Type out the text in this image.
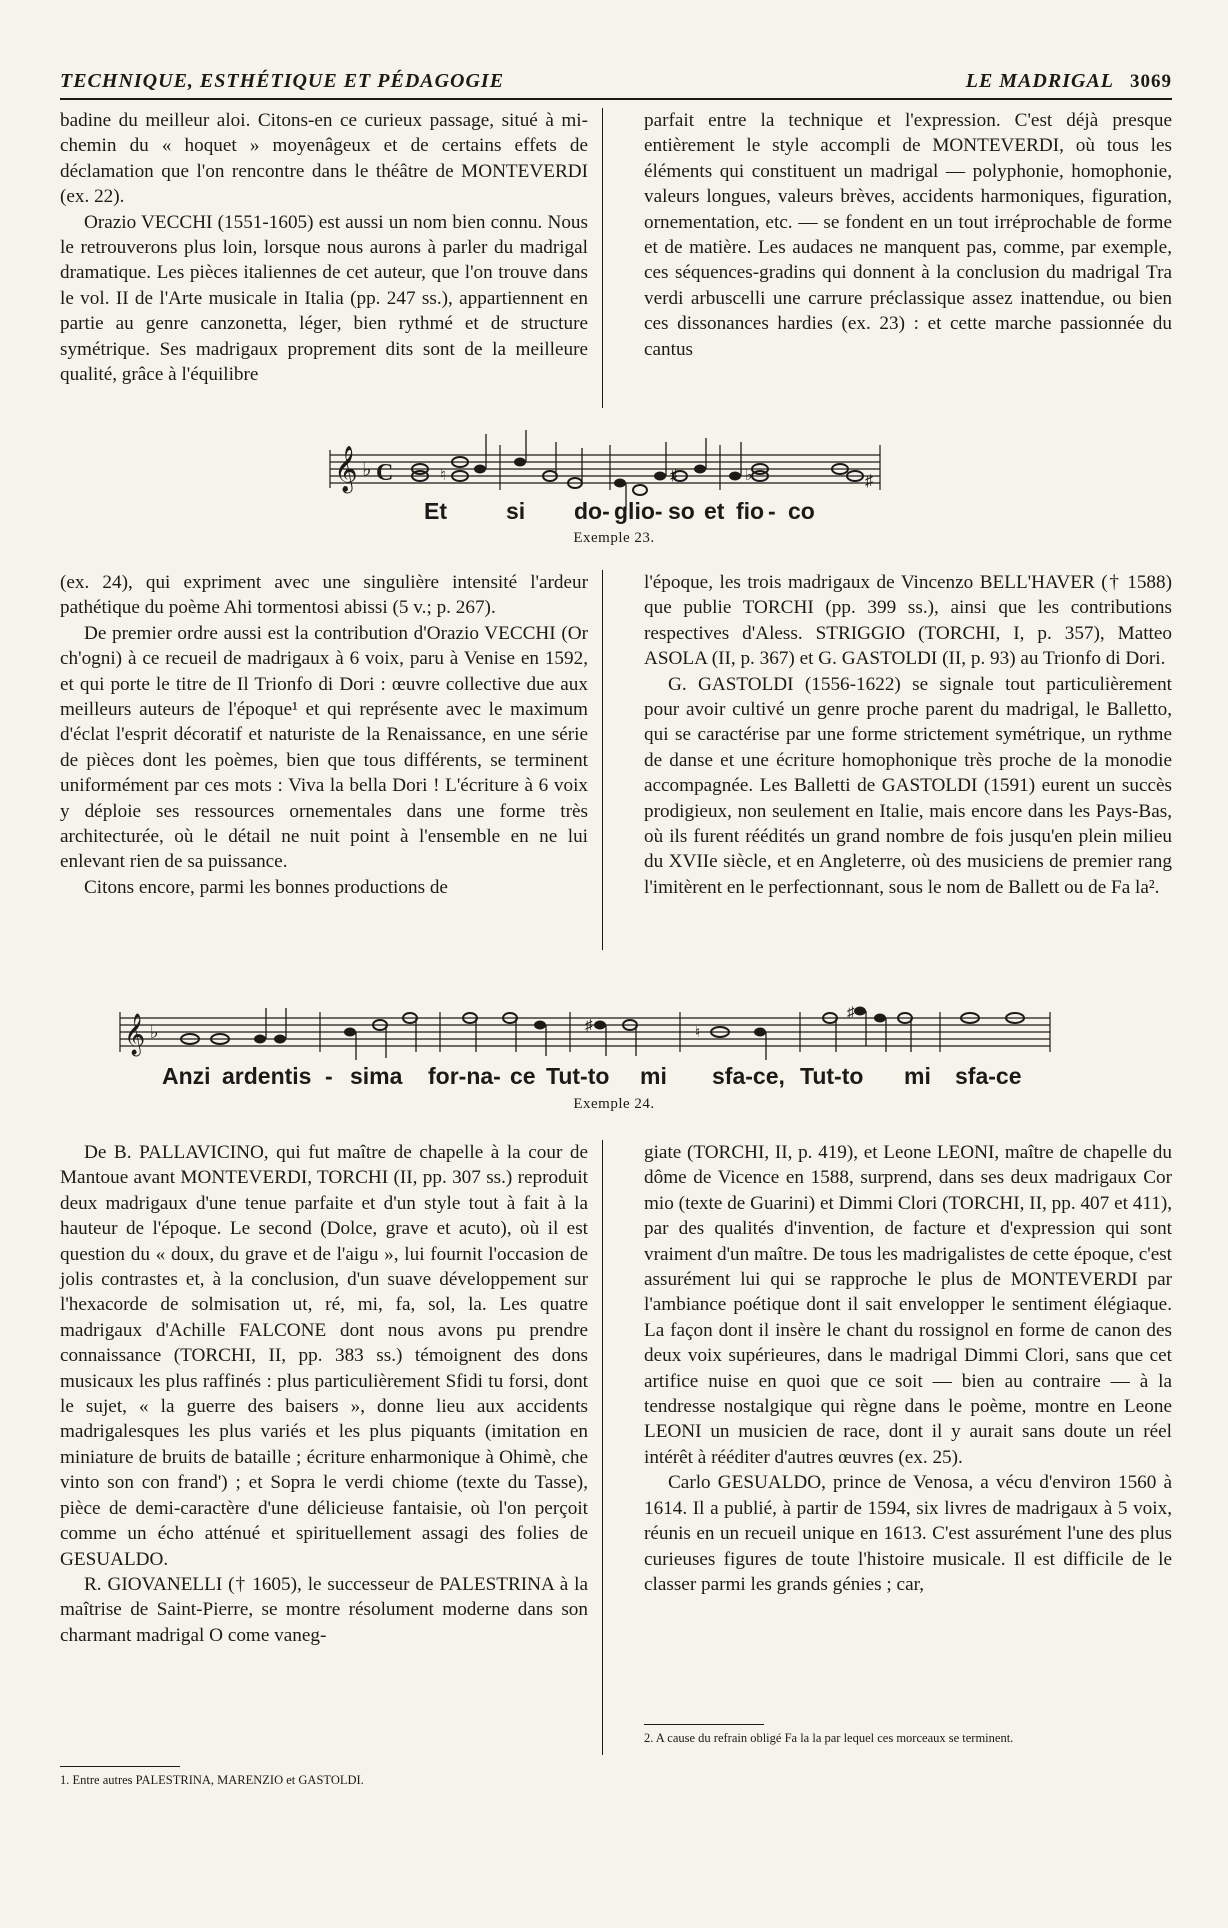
TECHNIQUE, ESTHÉTIQUE ET PÉDAGOGIE	LE MADRIGAL 3069

badine du meilleur aloi. Citons-en ce curieux passage, situé à mi-chemin du « hoquet » moyenâgeux et de certains effets de déclamation que l'on rencontre dans le théâtre de MONTEVERDI (ex. 22).

Orazio VECCHI (1551-1605) est aussi un nom bien connu. Nous le retrouverons plus loin, lorsque nous aurons à parler du madrigal dramatique. Les pièces italiennes de cet auteur, que l'on trouve dans le vol. II de l'Arte musicale in Italia (pp. 247 ss.), appartiennent en partie au genre canzonetta, léger, bien rythmé et de structure symétrique. Ses madrigaux proprement dits sont de la meilleure qualité, grâce à l'équilibre

parfait entre la technique et l'expression. C'est déjà presque entièrement le style accompli de MONTEVERDI, où tous les éléments qui constituent un madrigal — polyphonie, homophonie, valeurs longues, valeurs brèves, accidents harmoniques, figuration, ornementation, etc. — se fondent en un tout irréprochable de forme et de matière. Les audaces ne manquent pas, comme, par exemple, ces séquences-gradins qui donnent à la conclusion du madrigal Tra verdi arbuscelli une carrure préclassique assez inattendue, ou bien ces dissonances hardies (ex. 23) : et cette marche passionnée du cantus

𝄞 ♭ C	♮	♯	♭	♯
Et	si do- glio- so et fio - co
Exemple 23.

(ex. 24), qui expriment avec une singulière intensité l'ardeur pathétique du poème Ahi tormentosi abissi (5 v.; p. 267).

De premier ordre aussi est la contribution d'Orazio VECCHI (Or ch'ogni) à ce recueil de madrigaux à 6 voix, paru à Venise en 1592, et qui porte le titre de Il Trionfo di Dori : œuvre collective due aux meilleurs auteurs de l'époque¹ et qui représente avec le maximum d'éclat l'esprit décoratif et naturiste de la Renaissance, en une série de pièces dont les poèmes, bien que tous différents, se terminent uniformément par ces mots : Viva la bella Dori ! L'écriture à 6 voix y déploie ses ressources ornementales dans une forme très architecturée, où le détail ne nuit point à l'ensemble en ne lui enlevant rien de sa puissance.

Citons encore, parmi les bonnes productions de

l'époque, les trois madrigaux de Vincenzo BELL'HAVER († 1588) que publie TORCHI (pp. 399 ss.), ainsi que les contributions respectives d'Aless. STRIGGIO (TORCHI, I, p. 357), Matteo ASOLA (II, p. 367) et G. GASTOLDI (II, p. 93) au Trionfo di Dori.

G. GASTOLDI (1556-1622) se signale tout particulièrement pour avoir cultivé un genre proche parent du madrigal, le Balletto, qui se caractérise par une forme strictement symétrique, un rythme de danse et une écriture homophonique très proche de la monodie accompagnée. Les Balletti de GASTOLDI (1591) eurent un succès prodigieux, non seulement en Italie, mais encore dans les Pays-Bas, où ils furent réédités un grand nombre de fois jusqu'en plein milieu du XVIIe siècle, et en Angleterre, où des musiciens de premier rang l'imitèrent en le perfectionnant, sous le nom de Ballett ou de Fa la².

𝄞 ♭	♯	♮
♯
Anzi ardentis - sima for-na- ce Tut-to mi sfa-ce, Tut-to mi sfa-ce
Exemple 24.

De B. PALLAVICINO, qui fut maître de chapelle à la cour de Mantoue avant MONTEVERDI, TORCHI (II, pp. 307 ss.) reproduit deux madrigaux d'une tenue parfaite et d'un style tout à fait à la hauteur de l'époque. Le second (Dolce, grave et acuto), où il est question du « doux, du grave et de l'aigu », lui fournit l'occasion de jolis contrastes et, à la conclusion, d'un suave développement sur l'hexacorde de solmisation ut, ré, mi, fa, sol, la. Les quatre madrigaux d'Achille FALCONE dont nous avons pu prendre connaissance (TORCHI, II, pp. 383 ss.) témoignent des dons musicaux les plus raffinés : plus particulièrement Sfidi tu forsi, dont le sujet, « la guerre des baisers », donne lieu aux accidents madrigalesques les plus variés et les plus piquants (imitation en miniature de bruits de bataille ; écriture enharmonique à Ohimè, che vinto son con frand') ; et Sopra le verdi chiome (texte du Tasse), pièce de demi-caractère d'une délicieuse fantaisie, où l'on perçoit comme un écho atténué et spirituellement assagi des folies de GESUALDO.

R. GIOVANELLI († 1605), le successeur de PALESTRINA à la maîtrise de Saint-Pierre, se montre résolument moderne dans son charmant madrigal O come vaneg-

giate (TORCHI, II, p. 419), et Leone LEONI, maître de chapelle du dôme de Vicence en 1588, surprend, dans ses deux madrigaux Cor mio (texte de Guarini) et Dimmi Clori (TORCHI, II, pp. 407 et 411), par des qualités d'invention, de facture et d'expression qui sont vraiment d'un maître. De tous les madrigalistes de cette époque, c'est assurément lui qui se rapproche le plus de MONTEVERDI par l'ambiance poétique dont il sait envelopper le sentiment élégiaque. La façon dont il insère le chant du rossignol en forme de canon des deux voix supérieures, dans le madrigal Dimmi Clori, sans que cet artifice nuise en quoi que ce soit — bien au contraire — à la tendresse nostalgique qui règne dans le poème, montre en Leone LEONI un musicien de race, dont il y aurait sans doute un réel intérêt à rééditer d'autres œuvres (ex. 25).

Carlo GESUALDO, prince de Venosa, a vécu d'environ 1560 à 1614. Il a publié, à partir de 1594, six livres de madrigaux à 5 voix, réunis en un recueil unique en 1613. C'est assurément l'une des plus curieuses figures de toute l'histoire musicale. Il est difficile de le classer parmi les grands génies ; car,

1. Entre autres PALESTRINA, MARENZIO et GASTOLDI.
2. A cause du refrain obligé Fa la la par lequel ces morceaux se terminent.
